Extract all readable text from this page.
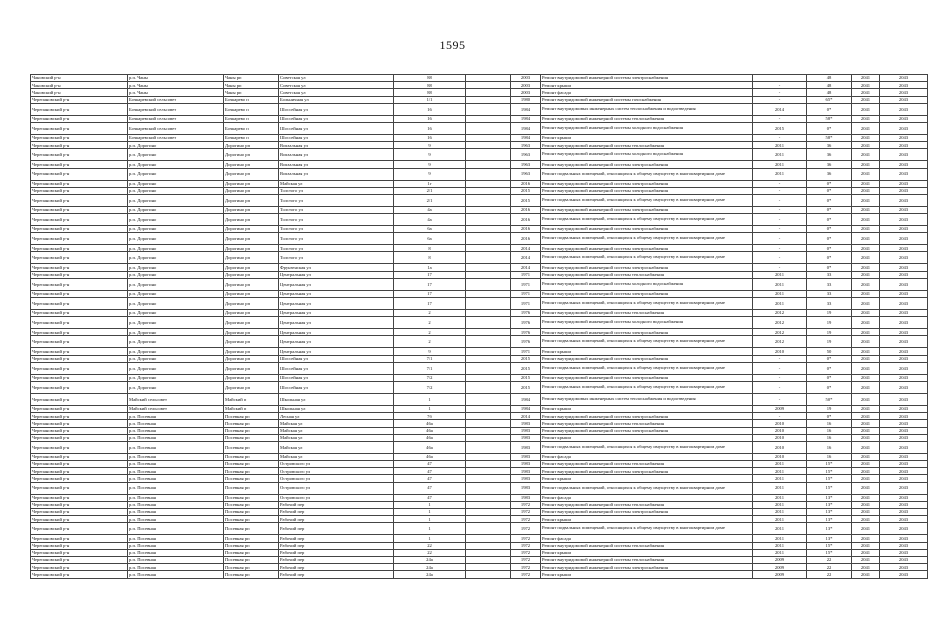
1595
Чановский р-н	р.п. Чаны	Чаны рп	Советская ул	88		2003	Ремонт внутридомовой инженерной системы электроснабжения		48	2041	2043
Чановский р-н	р.п. Чаны	Чаны рп	Советская ул	88		2003	Ремонт крыши	-	48	2041	2043
Чановский р-н	р.п. Чаны	Чаны рп	Советская ул	88		2003	Ремонт фасада	-	48	2041	2043
Черепановский р-н	Бочкаревский сельсовет	Бочкарево п	Больничная ул	1/1		1980	Ремонт внутридомовой инженерной системы газоснабжения	-	65*	2041	2043
Черепановский р-н	Бочкаревский сельсовет	Бочкарево п	Шоссейная ул	16		1984	Ремонт внутридомовых инженерных систем теплоснабжения и водоотведения	2014	0*	2041	2043
Черепановский р-н	Бочкаревский сельсовет	Бочкарево п	Шоссейная ул	16		1984	Ремонт внутридомовой инженерной системы теплоснабжения	-	58*	2041	2043
Черепановский р-н	Бочкаревский сельсовет	Бочкарево п	Шоссейная ул	16		1984	Ремонт внутридомовой инженерной системы холодного водоснабжения	2015	0*	2041	2043
Черепановский р-н	Бочкаревский сельсовет	Бочкарево п	Шоссейная ул	16		1984	Ремонт крыши	-	58*	2041	2043
Черепановский р-н	р.п. Дорогино	Дорогино рп	Вокзальная ул	9		1963	Ремонт внутридомовой инженерной системы теплоснабжения	2011	36	2041	2043
Черепановский р-н	р.п. Дорогино	Дорогино рп	Вокзальная ул	9		1963	Ремонт внутридомовой инженерной системы холодного водоснабжения	2011	36	2041	2043
Черепановский р-н	р.п. Дорогино	Дорогино рп	Вокзальная ул	9		1963	Ремонт внутридомовой инженерной системы электроснабжения	2011	36	2041	2043
Черепановский р-н	р.п. Дорогино	Дорогино рп	Вокзальная ул	9		1963	Ремонт подвальных помещений, относящихся к общему имуществу в многоквартирном доме	2011	36	2041	2043
Черепановский р-н	р.п. Дорогино	Дорогино рп	Майская ул	1г		2016	Ремонт внутридомовой инженерной системы электроснабжения	-	0*	2041	2043
Черепановский р-н	р.п. Дорогино	Дорогино рп	Толстого ул	2/1		2015	Ремонт внутридомовой инженерной системы электроснабжения	-	0*	2041	2043
Черепановский р-н	р.п. Дорогино	Дорогино рп	Толстого ул	2/1		2015	Ремонт подвальных помещений, относящихся к общему имуществу в многоквартирном доме	-	0*	2041	2043
Черепановский р-н	р.п. Дорогино	Дорогино рп	Толстого ул	4а		2016	Ремонт внутридомовой инженерной системы электроснабжения	-	0*	2041	2043
Черепановский р-н	р.п. Дорогино	Дорогино рп	Толстого ул	4а		2016	Ремонт подвальных помещений, относящихся к общему имуществу в многоквартирном доме	-	0*	2041	2043
Черепановский р-н	р.п. Дорогино	Дорогино рп	Толстого ул	6а		2016	Ремонт внутридомовой инженерной системы электроснабжения	-	0*	2041	2043
Черепановский р-н	р.п. Дорогино	Дорогино рп	Толстого ул	6а		2016	Ремонт подвальных помещений, относящихся к общему имуществу в многоквартирном доме	-	0*	2041	2043
Черепановский р-н	р.п. Дорогино	Дорогино рп	Толстого ул	8		2014	Ремонт внутридомовой инженерной системы электроснабжения	-	0*	2041	2043
Черепановский р-н	р.п. Дорогино	Дорогино рп	Толстого ул	8		2014	Ремонт подвальных помещений, относящихся к общему имуществу в многоквартирном доме	-	0*	2041	2043
Черепановский р-н	р.п. Дорогино	Дорогино рп	Фрунзенская ул	1а		2014	Ремонт внутридомовой инженерной системы электроснабжения	-	0*	2041	2043
Черепановский р-н	р.п. Дорогино	Дорогино рп	Центральная ул	17		1971	Ремонт внутридомовой инженерной системы теплоснабжения	2011	33	2041	2043
Черепановский р-н	р.п. Дорогино	Дорогино рп	Центральная ул	17		1971	Ремонт внутридомовой инженерной системы холодного водоснабжения	2011	33	2041	2043
Черепановский р-н	р.п. Дорогино	Дорогино рп	Центральная ул	17		1971	Ремонт внутридомовой инженерной системы электроснабжения	2011	33	2041	2043
Черепановский р-н	р.п. Дорогино	Дорогино рп	Центральная ул	17		1971	Ремонт подвальных помещений, относящихся к общему имуществу в многоквартирном доме	2011	33	2041	2043
Черепановский р-н	р.п. Дорогино	Дорогино рп	Центральная ул	2		1976	Ремонт внутридомовой инженерной системы теплоснабжения	2012	19	2041	2043
Черепановский р-н	р.п. Дорогино	Дорогино рп	Центральная ул	2		1976	Ремонт внутридомовой инженерной системы холодного водоснабжения	2012	19	2041	2043
Черепановский р-н	р.п. Дорогино	Дорогино рп	Центральная ул	2		1976	Ремонт внутридомовой инженерной системы электроснабжения	2012	19	2041	2043
Черепановский р-н	р.п. Дорогино	Дорогино рп	Центральная ул	2		1976	Ремонт подвальных помещений, относящихся к общему имуществу в многоквартирном доме	2012	19	2041	2043
Черепановский р-н	р.п. Дорогино	Дорогино рп	Центральная ул	9		1971	Ремонт крыши	2010	50	2041	2043
Черепановский р-н	р.п. Дорогино	Дорогино рп	Шоссейная ул	7/1		2015	Ремонт внутридомовой инженерной системы электроснабжения	-	0*	2041	2043
Черепановский р-н	р.п. Дорогино	Дорогино рп	Шоссейная ул	7/1		2015	Ремонт подвальных помещений, относящихся к общему имуществу в многоквартирном доме	-	0*	2041	2043
Черепановский р-н	р.п. Дорогино	Дорогино рп	Шоссейная ул	7/2		2015	Ремонт внутридомовой инженерной системы электроснабжения	-	0*	2041	2043
Черепановский р-н	р.п. Дорогино	Дорогино рп	Шоссейная ул	7/2		2015	Ремонт подвальных помещений, относящихся к общему имуществу в многоквартирном доме	-	0*	2041	2043
Черепановский р-н	Майский сельсовет	Майский п	Школьная ул	1		1984	Ремонт внутридомовых инженерных систем теплоснабжения и водоотведения	-	50*	2041	2043
Черепановский р-н	Майский сельсовет	Майский п	Школьная ул	1		1984	Ремонт крыши	2009	19	2041	2043
Черепановский р-н	р.п. Посевная	Посевная рп	Лесная ул	7б		2014	Ремонт внутридомовой инженерной системы электроснабжения	-	0*	2041	2043
Черепановский р-н	р.п. Посевная	Посевная рп	Майская ул	46а		1983	Ремонт внутридомовой инженерной системы теплоснабжения	2010	16	2041	2043
Черепановский р-н	р.п. Посевная	Посевная рп	Майская ул	46а		1983	Ремонт внутридомовой инженерной системы электроснабжения	2010	16	2041	2043
Черепановский р-н	р.п. Посевная	Посевная рп	Майская ул	46а		1983	Ремонт крыши	2010	16	2041	2043
Черепановский р-н	р.п. Посевная	Посевная рп	Майская ул	46а		1983	Ремонт подвальных помещений, относящихся к общему имуществу в многоквартирном доме	2010	16	2041	2043
Черепановский р-н	р.п. Посевная	Посевная рп	Майская ул	46а		1983	Ремонт фасада	2010	16	2041	2043
Черепановский р-н	р.п. Посевная	Посевная рп	Островского ул	47		1983	Ремонт внутридомовой инженерной системы теплоснабжения	2011	15*	2041	2043
Черепановский р-н	р.п. Посевная	Посевная рп	Островского ул	47		1983	Ремонт внутридомовой инженерной системы электроснабжения	2011	15*	2041	2043
Черепановский р-н	р.п. Посевная	Посевная рп	Островского ул	47		1983	Ремонт крыши	2011	15*	2041	2043
Черепановский р-н	р.п. Посевная	Посевная рп	Островского ул	47		1983	Ремонт подвальных помещений, относящихся к общему имуществу в многоквартирном доме	2011	15*	2041	2043
Черепановский р-н	р.п. Посевная	Посевная рп	Островского ул	47		1983	Ремонт фасада	2011	13*	2041	2043
Черепановский р-н	р.п. Посевная	Посевная рп	Рабочий пер	1		1972	Ремонт внутридомовой инженерной системы теплоснабжения	2011	13*	2041	2043
Черепановский р-н	р.п. Посевная	Посевная рп	Рабочий пер	1		1972	Ремонт внутридомовой инженерной системы электроснабжения	2011	13*	2041	2043
Черепановский р-н	р.п. Посевная	Посевная рп	Рабочий пер	1		1972	Ремонт крыши	2011	13*	2041	2043
Черепановский р-н	р.п. Посевная	Посевная рп	Рабочий пер	1		1972	Ремонт подвальных помещений, относящихся к общему имуществу в многоквартирном доме	2011	13*	2041	2043
Черепановский р-н	р.п. Посевная	Посевная рп	Рабочий пер	1		1972	Ремонт фасада	2011	13*	2041	2043
Черепановский р-н	р.п. Посевная	Посевная рп	Рабочий пер	22		1972	Ремонт внутридомовой инженерной системы теплоснабжения	2011	15*	2041	2043
Черепановский р-н	р.п. Посевная	Посевная рп	Рабочий пер	22		1972	Ремонт крыши	2011	15*	2041	2043
Черепановский р-н	р.п. Посевная	Посевная рп	Рабочий пер	24а		1972	Ремонт внутридомовой инженерной системы теплоснабжения	2009	22	2041	2043
Черепановский р-н	р.п. Посевная	Посевная рп	Рабочий пер	24а		1972	Ремонт внутридомовой инженерной системы электроснабжения	2009	22	2041	2043
Черепановский р-н	р.п. Посевная	Посевная рп	Рабочий пер	24а		1972	Ремонт крыши	2009	22	2041	2043
